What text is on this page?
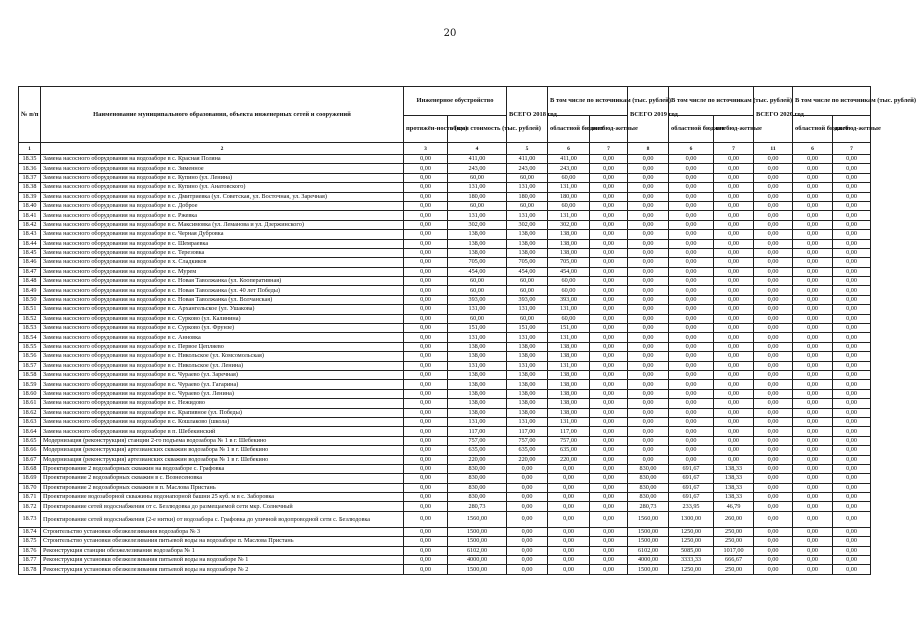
20
№ п/п	Наименование муниципального образования, объекта инженерных сетей и сооружений	Инженерное обустройство		ВСЕГО 2018 год	В том числе по источникам (тыс. рублей)		ВСЕГО 2019 год	В том числе по источникам (тыс. рублей)		ВСЕГО 2020 год	В том числе по источникам (тыс. рублей)	
		протяжён-ность (км)	общая стоимость (тыс. рублей)		областной бюджет	внебюд-жетные		областной бюджет	внебюд-жетные		областной бюджет	внебюд-жетные
1	2	3	4	5	6	7	8	6	7	11	6	7
18.35	Замена насосного оборудования на водозаборе в с. Красная Поляна	0,00	411,00	411,00	411,00	0,00	0,00	0,00	0,00	0,00	0,00	0,00
18.36	Замена насосного оборудования на водозаборе в с. Зименное	0,00	243,00	243,00	243,00	0,00	0,00	0,00	0,00	0,00	0,00	0,00
18.37	Замена насосного оборудования на водозаборе в с. Купино (ул. Ленина)	0,00	60,00	60,00	60,00	0,00	0,00	0,00	0,00	0,00	0,00	0,00
18.38	Замена насосного оборудования на водозаборе в с. Купино (ул. Анатовского)	0,00	131,00	131,00	131,00	0,00	0,00	0,00	0,00	0,00	0,00	0,00
18.39	Замена насосного оборудования на водозаборе в с. Дмитриевка (ул. Советская, ул. Восточная, ул. Заречная)	0,00	180,00	180,00	180,00	0,00	0,00	0,00	0,00	0,00	0,00	0,00
18.40	Замена насосного оборудования на водозаборе в с. Доброе	0,00	60,00	60,00	60,00	0,00	0,00	0,00	0,00	0,00	0,00	0,00
18.41	Замена насосного оборудования на водозаборе в с. Ржевка	0,00	131,00	131,00	131,00	0,00	0,00	0,00	0,00	0,00	0,00	0,00
18.42	Замена насосного оборудования на водозаборе в с. Максимовка (ул. Леманова и ул. Дзержинского)	0,00	302,00	302,00	302,00	0,00	0,00	0,00	0,00	0,00	0,00	0,00
18.43	Замена насосного оборудования на водозаборе в с. Черная Дубровка	0,00	138,00	138,00	138,00	0,00	0,00	0,00	0,00	0,00	0,00	0,00
18.44	Замена насосного оборудования на водозаборе в с. Шемраевка	0,00	138,00	138,00	138,00	0,00	0,00	0,00	0,00	0,00	0,00	0,00
18.45	Замена насосного оборудования на водозаборе в с. Терезовка	0,00	138,00	138,00	138,00	0,00	0,00	0,00	0,00	0,00	0,00	0,00
18.46	Замена насосного оборудования на водозаборе в х. Сладкиков	0,00	705,00	705,00	705,00	0,00	0,00	0,00	0,00	0,00	0,00	0,00
18.47	Замена насосного оборудования на водозаборе в с. Мурем	0,00	454,00	454,00	454,00	0,00	0,00	0,00	0,00	0,00	0,00	0,00
18.48	Замена насосного оборудования на водозаборе в с. Новая Таволжанка (ул. Кооперативная)	0,00	60,00	60,00	60,00	0,00	0,00	0,00	0,00	0,00	0,00	0,00
18.49	Замена насосного оборудования на водозаборе в с. Новая Таволжанка (ул. 40 лет Победы)	0,00	60,00	60,00	60,00	0,00	0,00	0,00	0,00	0,00	0,00	0,00
18.50	Замена насосного оборудования на водозаборе в с. Новая Таволжанка (ул. Волчанская)	0,00	393,00	393,00	393,00	0,00	0,00	0,00	0,00	0,00	0,00	0,00
18.51	Замена насосного оборудования на водозаборе в с. Архангельское (ул. Ушакова)	0,00	131,00	131,00	131,00	0,00	0,00	0,00	0,00	0,00	0,00	0,00
18.52	Замена насосного оборудования на водозаборе в с. Сурково (ул. Калинина)	0,00	60,00	60,00	60,00	0,00	0,00	0,00	0,00	0,00	0,00	0,00
18.53	Замена насосного оборудования на водозаборе в с. Сурково (ул. Фрунзе)	0,00	151,00	151,00	151,00	0,00	0,00	0,00	0,00	0,00	0,00	0,00
18.54	Замена насосного оборудования на водозаборе в с. Анновка	0,00	131,00	131,00	131,00	0,00	0,00	0,00	0,00	0,00	0,00	0,00
18.55	Замена насосного оборудования на водозаборе в с. Первое Цепляево	0,00	138,00	138,00	138,00	0,00	0,00	0,00	0,00	0,00	0,00	0,00
18.56	Замена насосного оборудования на водозаборе в с. Никольское (ул. Комсомольская)	0,00	138,00	138,00	138,00	0,00	0,00	0,00	0,00	0,00	0,00	0,00
18.57	Замена насосного оборудования на водозаборе в с. Никольское (ул. Ленина)	0,00	131,00	131,00	131,00	0,00	0,00	0,00	0,00	0,00	0,00	0,00
18.58	Замена насосного оборудования на водозаборе в с. Чураево (ул. Заречная)	0,00	138,00	138,00	138,00	0,00	0,00	0,00	0,00	0,00	0,00	0,00
18.59	Замена насосного оборудования на водозаборе в с. Чураево (ул. Гагарина)	0,00	138,00	138,00	138,00	0,00	0,00	0,00	0,00	0,00	0,00	0,00
18.60	Замена насосного оборудования на водозаборе в с. Чураево (ул. Ленина)	0,00	138,00	138,00	138,00	0,00	0,00	0,00	0,00	0,00	0,00	0,00
18.61	Замена насосного оборудования на водозаборе в с. Нежидово	0,00	138,00	138,00	138,00	0,00	0,00	0,00	0,00	0,00	0,00	0,00
18.62	Замена насосного оборудования на водозаборе в с. Крапивное (ул. Победы)	0,00	138,00	138,00	138,00	0,00	0,00	0,00	0,00	0,00	0,00	0,00
18.63	Замена насосного оборудования на водозаборе в с. Кошлаково (школа)	0,00	131,00	131,00	131,00	0,00	0,00	0,00	0,00	0,00	0,00	0,00
18.64	Замена насосного оборудования на водозаборе в п. Шебекинский	0,00	117,00	117,00	117,00	0,00	0,00	0,00	0,00	0,00	0,00	0,00
18.65	Модернизация (реконструкция) станции 2-го подъема водозабора № 1 в г. Шебекино	0,00	757,00	757,00	757,00	0,00	0,00	0,00	0,00	0,00	0,00	0,00
18.66	Модернизация (реконструкция) артезианских скважин водозабора № 1 в г. Шебекино	0,00	635,00	635,00	635,00	0,00	0,00	0,00	0,00	0,00	0,00	0,00
18.67	Модернизация (реконструкция) артезианских скважин водозабора № 1 в г. Шебекино	0,00	220,00	220,00	220,00	0,00	0,00	0,00	0,00	0,00	0,00	0,00
18.68	Проектирование 2 водозаборных скважин на водозаборе с. Графовка	0,00	830,00	0,00	0,00	0,00	830,00	691,67	138,33	0,00	0,00	0,00
18.69	Проектирование 2 водозаборных скважин в с. Вознесеновка	0,00	830,00	0,00	0,00	0,00	830,00	691,67	138,33	0,00	0,00	0,00
18.70	Проектирование 2 водозаборных скважин в п. Маслова Пристань	0,00	830,00	0,00	0,00	0,00	830,00	691,67	138,33	0,00	0,00	0,00
18.71	Проектирование водозаборной скважины водонапорной башни 25 куб. м в с. Заборовка	0,00	830,00	0,00	0,00	0,00	830,00	691,67	138,33	0,00	0,00	0,00
18.72	Проектирование сетей водоснабжения от с. Безлюдовка до размещаемой сети мкр. Солнечный	0,00	280,73	0,00	0,00	0,00	280,73	233,95	46,79	0,00	0,00	0,00
18.73	Проектирование сетей водоснабжения (2-е нитки) от водозабора с. Графовка до уличной водопроводной сети с. Безлюдовка	0,00	1560,00	0,00	0,00	0,00	1560,00	1300,00	260,00	0,00	0,00	0,00
18.74	Строительство установки обезжелезивания водозабора № 3	0,00	1500,00	0,00	0,00	0,00	1500,00	1250,00	250,00	0,00	0,00	0,00
18.75	Строительство установки обезжелезивания питьевой воды на водозаборе п. Маслова Пристань	0,00	1500,00	0,00	0,00	0,00	1500,00	1250,00	250,00	0,00	0,00	0,00
18.76	Реконструкция станции обезжелезивания водозабора № 1	0,00	6102,00	0,00	0,00	0,00	6102,00	5085,00	1017,00	0,00	0,00	0,00
18.77	Реконструкция установки обезжелезивания питьевой воды на водозаборе № 1	0,00	4000,00	0,00	0,00	0,00	4000,00	3333,33	666,67	0,00	0,00	0,00
18.78	Реконструкция установки обезжелезивания питьевой воды на водозаборе № 2	0,00	1500,00	0,00	0,00	0,00	1500,00	1250,00	250,00	0,00	0,00	0,00
